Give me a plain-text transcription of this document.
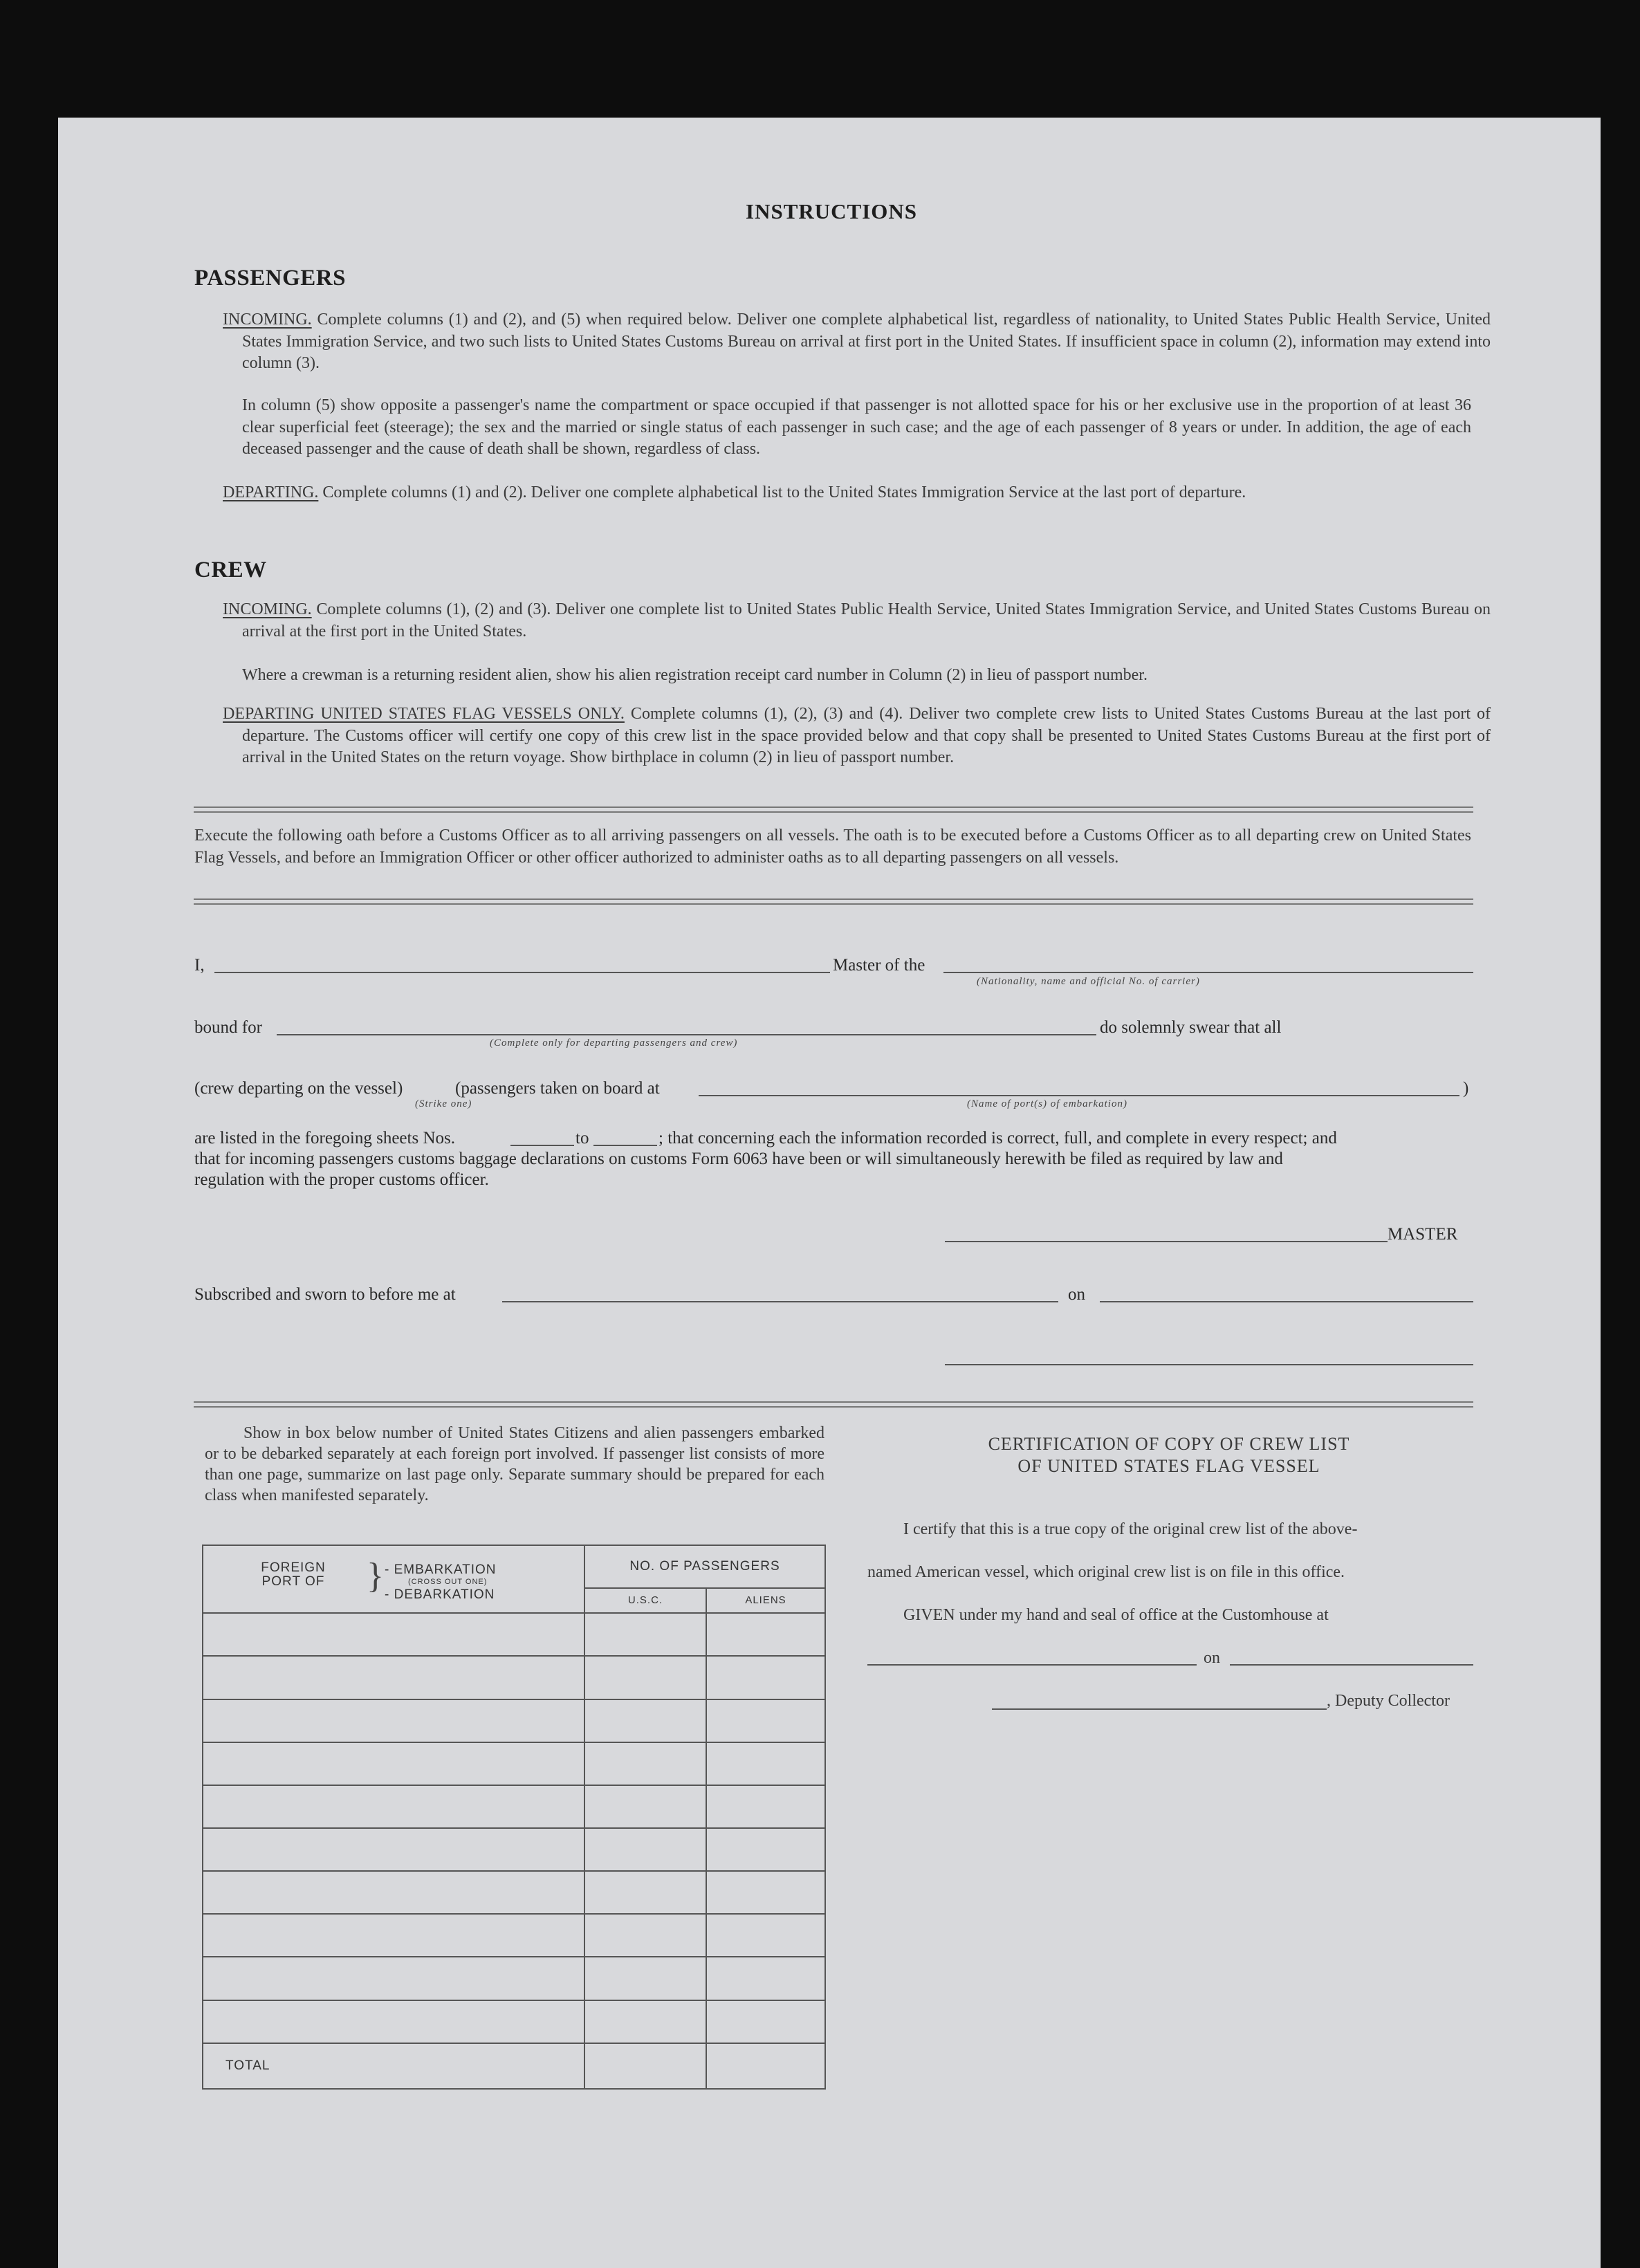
INSTRUCTIONS
PASSENGERS
INCOMING. Complete columns (1) and (2), and (5) when required below. Deliver one complete alphabetical list, regardless of nationality, to United States Public Health Service, United States Immigration Service, and two such lists to United States Customs Bureau on arrival at first port in the United States. If insufficient space in column (2), information may extend into column (3).
In column (5) show opposite a passenger's name the compartment or space occupied if that passenger is not allotted space for his or her exclusive use in the proportion of at least 36 clear superficial feet (steerage); the sex and the married or single status of each passenger in such case; and the age of each passenger of 8 years or under. In addition, the age of each deceased passenger and the cause of death shall be shown, regardless of class.
DEPARTING. Complete columns (1) and (2). Deliver one complete alphabetical list to the United States Immigration Service at the last port of departure.
CREW
INCOMING. Complete columns (1), (2) and (3). Deliver one complete list to United States Public Health Service, United States Immigration Service, and United States Customs Bureau on arrival at the first port in the United States.
Where a crewman is a returning resident alien, show his alien registration receipt card number in Column (2) in lieu of passport number.
DEPARTING UNITED STATES FLAG VESSELS ONLY. Complete columns (1), (2), (3) and (4). Deliver two complete crew lists to United States Customs Bureau at the last port of departure. The Customs officer will certify one copy of this crew list in the space provided below and that copy shall be presented to United States Customs Bureau at the first port of arrival in the United States on the return voyage. Show birthplace in column (2) in lieu of passport number.
Execute the following oath before a Customs Officer as to all arriving passengers on all vessels. The oath is to be executed before a Customs Officer as to all departing crew on United States Flag Vessels, and before an Immigration Officer or other officer authorized to administer oaths as to all departing passengers on all vessels.
I,	Master of the
(Nationality, name and official No. of carrier)
bound for
(Complete only for departing passengers and crew)
do solemnly swear that all
(crew departing on the vessel)	(passengers taken on board at	)
(Strike one)	(Name of port(s) of embarkation)
are listed in the foregoing sheets Nos.	to	; that concerning each the information recorded is correct, full, and complete in every respect; and
that for incoming passengers customs baggage declarations on customs Form 6063 have been or will simultaneously herewith be filed as required by law and
regulation with the proper customs officer.
MASTER
Subscribed and sworn to before me at	on
Show in box below number of United States Citizens and alien passengers embarked or to be debarked separately at each foreign port involved. If passenger list consists of more than one page, summarize on last page only. Separate summary should be prepared for each class when manifested separately.
FOREIGN PORT OF } - EMBARKATION
(CROSS OUT ONE)
- DEBARKATION	NO. OF PASSENGERS	
	U.S.C.	ALIENS

TOTAL		
CERTIFICATION OF COPY OF CREW LIST
OF UNITED STATES FLAG VESSEL
I certify that this is a true copy of the original crew list of the above-
named American vessel, which original crew list is on file in this office.
GIVEN under my hand and seal of office at the Customhouse at
on
, Deputy Collector
